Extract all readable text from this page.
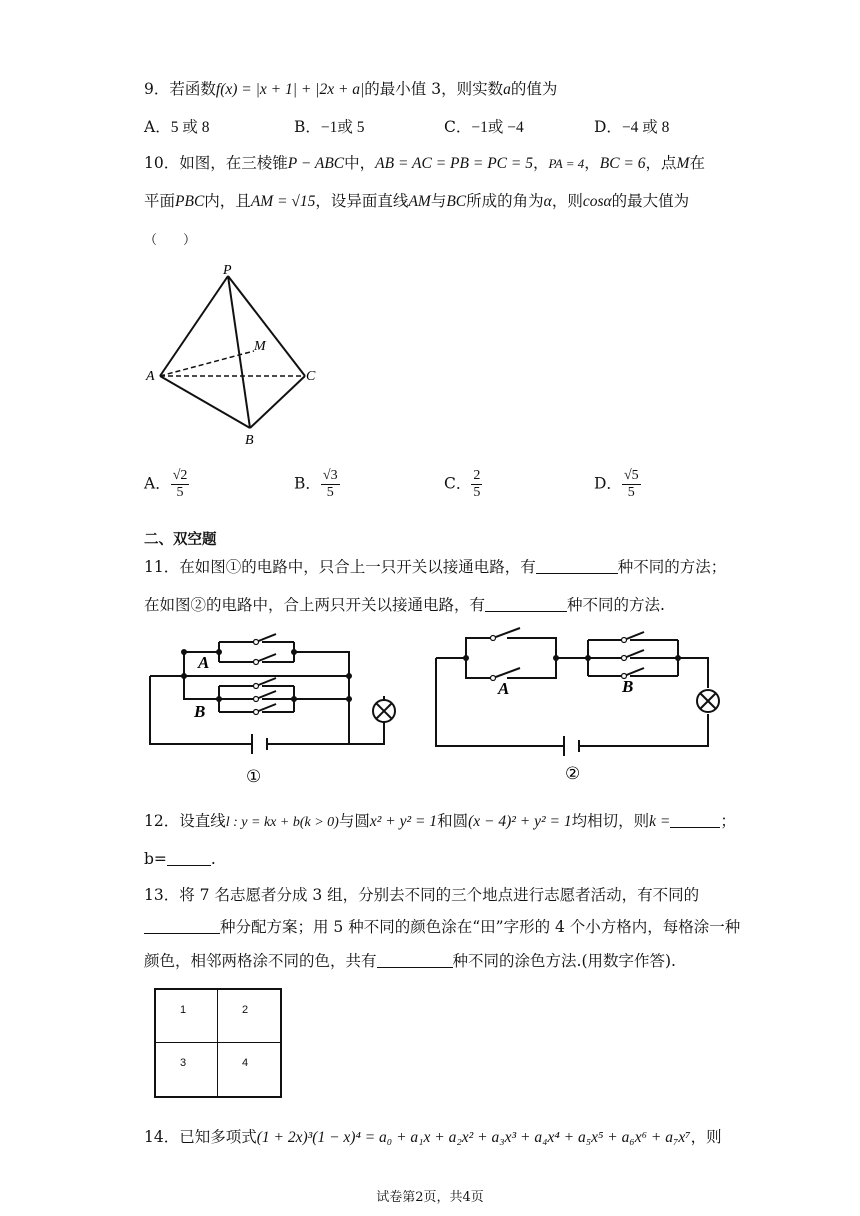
9．若函数f(x) = |x + 1| + |2x + a|的最小值 3，则实数a的值为
A．5 或 8	B．−1或 5	C．−1或 −4	D．−4 或 8
10．如图，在三棱锥P − ABC中，AB = AC = PB = PC = 5，PA = 4，BC = 6，点M在
平面PBC内，且AM = √15，设异面直线AM与BC所成的角为α，则cosα的最大值为
（　　）
P
A	C
B
M
A． $\frac{√2}{5}$	B． $\frac{√3}{5}$	C． $\frac{2}{5}$	D． $\frac{√5}{5}$
二、双空题
11．在如图①的电路中，只合上一只开关以接通电路，有	种不同的方法；
在如图②的电路中，合上两只开关以接通电路，有	种不同的方法.
A
B
①
A	B
②
12．设直线l : y = kx + b(k > 0)与圆x² + y² = 1和圆(x − 4)² + y² = 1均相切，则k =	；
b=	.
13．将 7 名志愿者分成 3 组，分别去不同的三个地点进行志愿者活动，有不同的
种分配方案；用 5 种不同的颜色涂在“田”字形的 4 个小方格内，每格涂一种
颜色，相邻两格涂不同的色，共有	种不同的涂色方法.(用数字作答).
1	2
3	4
14．已知多项式(1 + 2x)³(1 − x)⁴ = a₀ + a₁x + a₂x² + a₃x³ + a₄x⁴ + a₅x⁵ + a₆x⁶ + a₇x⁷，则
试卷第2页，共4页
